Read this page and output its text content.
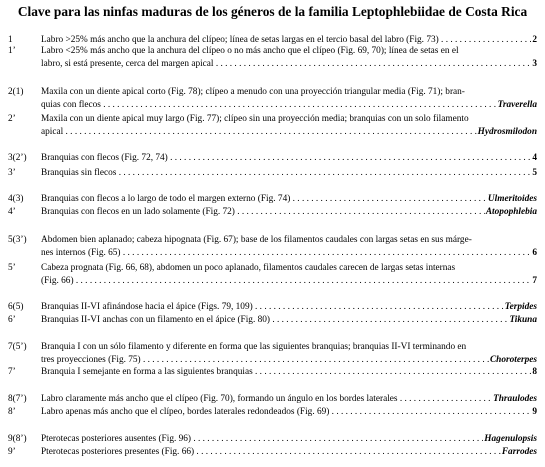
Clave para las ninfas maduras de los géneros de la familia Leptophlebiidae de Costa Rica
1	Labro >25% más ancho que la anchura del clípeo; línea de setas largas en el tercio basal del labro (Fig. 73) . . .	2
1’	Labro <25% más ancho que la anchura del clípeo o no más ancho que el clípeo (Fig. 69, 70); línea de setas en el
labro, si está presente, cerca del margen apical . . .	3
2(1) Maxila con un diente apical corto (Fig. 78); clípeo a menudo con una proyección triangular media (Fig. 71); bran-
quias con flecos . . .	Traverella
2’	Maxila con un diente apical muy largo (Fig. 77); clípeo sin una proyección media; branquias con un solo filamento
apical . . .	Hydrosmilodon
3(2’) Branquias con flecos (Fig. 72, 74) . . .	4
3’	Branquias sin flecos . . .	5
4(3) Branquias con flecos a lo largo de todo el margen externo (Fig. 74) . . .	Ulmeritoides
4’	Branquias con flecos en un lado solamente (Fig. 72) . . .	Atopophlebia
5(3’) Abdomen bien aplanado; cabeza hipognata (Fig. 67); base de los filamentos caudales con largas setas en sus márge-
nes internos (Fig. 65) . . .	6
5’	Cabeza prognata (Fig. 66, 68), abdomen un poco aplanado, filamentos caudales carecen de largas setas internas
(Fig. 66) . . .	7
6(5) Branquias II-VI afinándose hacia el ápice (Figs. 79, 109) . . .	Terpides
6’	Branquias II-VI anchas con un filamento en el ápice (Fig. 80) . . .	Tikuna
7(5’) Branquia I con un sólo filamento y diferente en forma que las siguientes branquias; branquias II-VI terminando en
tres proyecciones (Fig. 75) . . .	Choroterpes
7’	Branquia I semejante en forma a las siguientes branquias . . .	8
8(7’) Labro claramente más ancho que el clípeo (Fig. 70), formando un ángulo en los bordes laterales . . .	Thraulodes
8’	Labro apenas más ancho que el clípeo, bordes laterales redondeados (Fig. 69) . . .	9
9(8’) Pterotecas posteriores ausentes (Fig. 96) . . .	Hagenulopsis
9’	Pterotecas posteriores presentes (Fig. 66) . . .	Farrodes
